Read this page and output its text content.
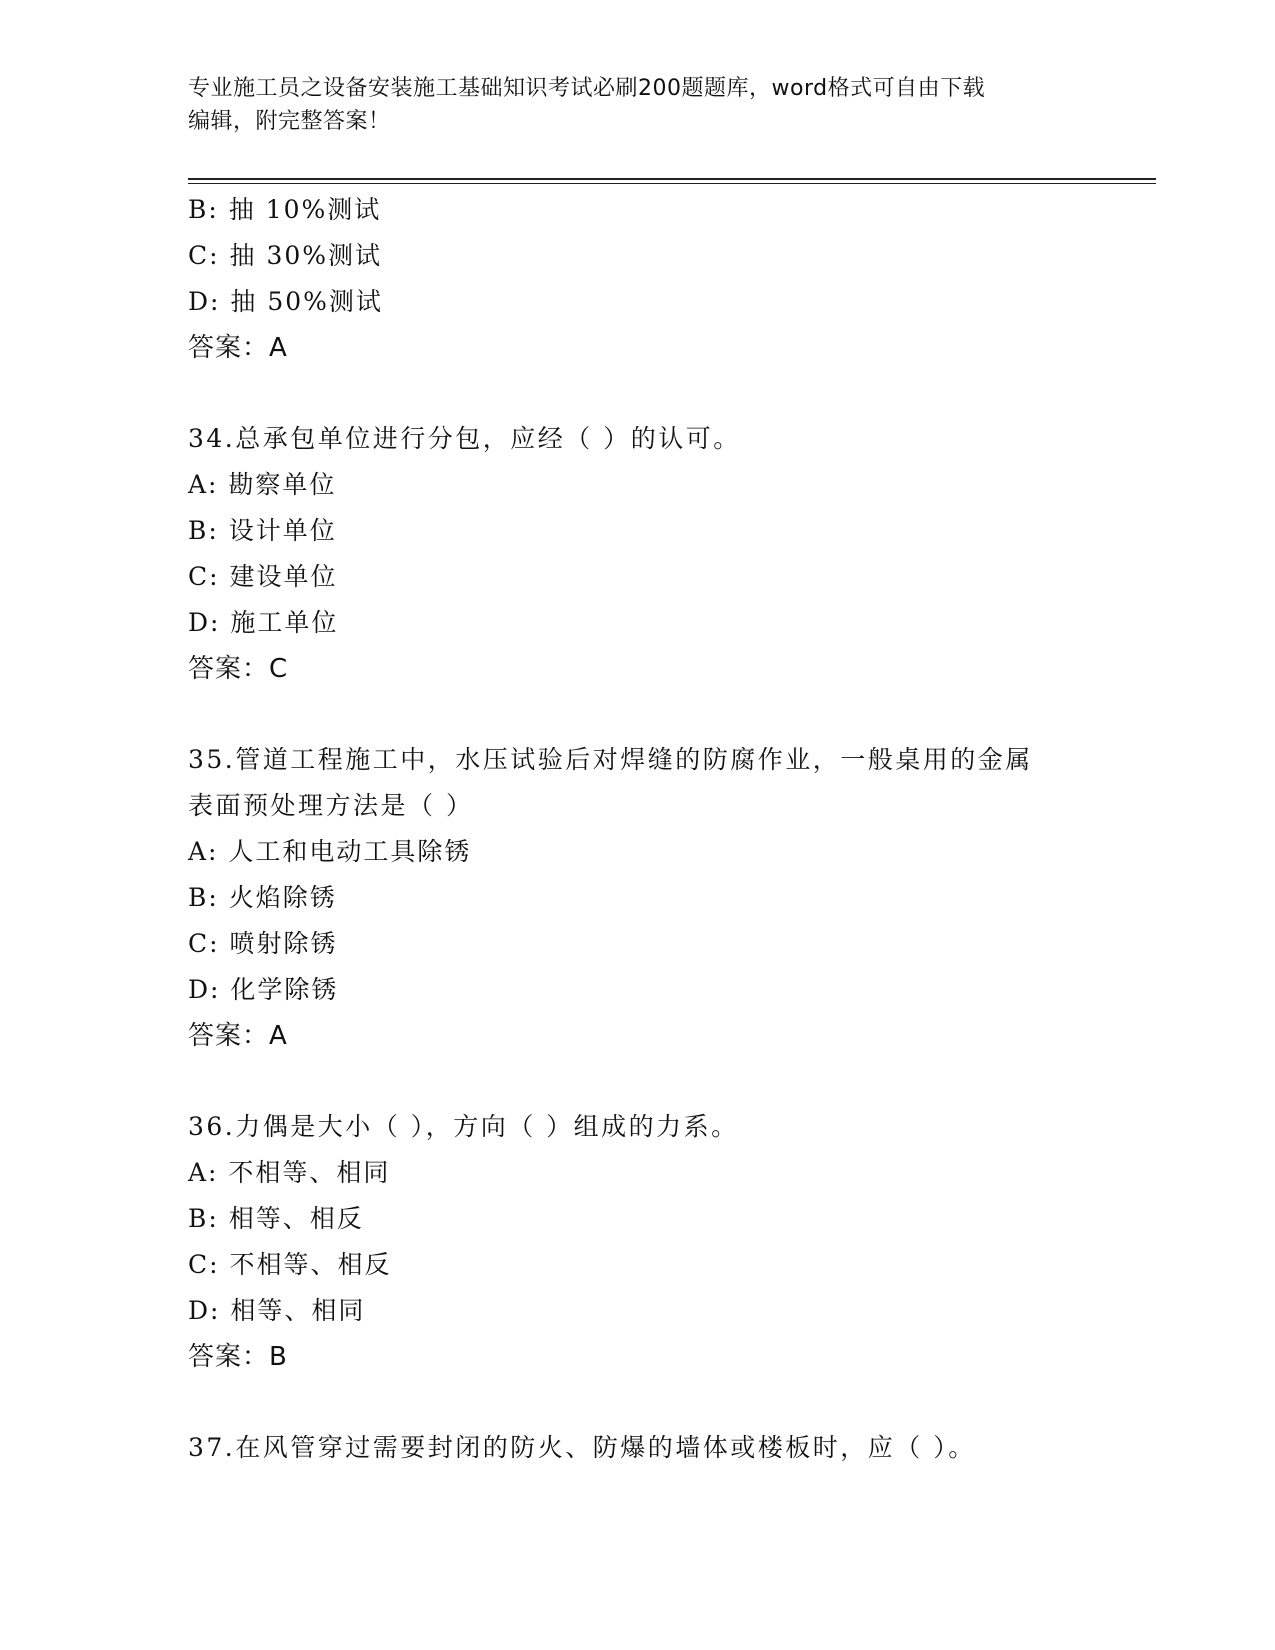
专业施工员之设备安装施工基础知识考试必刷200题题库，word格式可自由下载
编辑，附完整答案！
B: 抽 10%测试
C: 抽 30%测试
D: 抽 50%测试
答案：A
34.总承包单位进行分包，应经（ ）的认可。
A: 勘察单位
B: 设计单位
C: 建设单位
D: 施工单位
答案：C
35.管道工程施工中，水压试验后对焊缝的防腐作业，一般桌用的金属
表面预处理方法是（ ）
A: 人工和电动工具除锈
B: 火焰除锈
C: 喷射除锈
D: 化学除锈
答案：A
36.力偶是大小（ ），方向（ ）组成的力系。
A: 不相等、相同
B: 相等、相反
C: 不相等、相反
D: 相等、相同
答案：B
37.在风管穿过需要封闭的防火、防爆的墙体或楼板时，应（ ）。
